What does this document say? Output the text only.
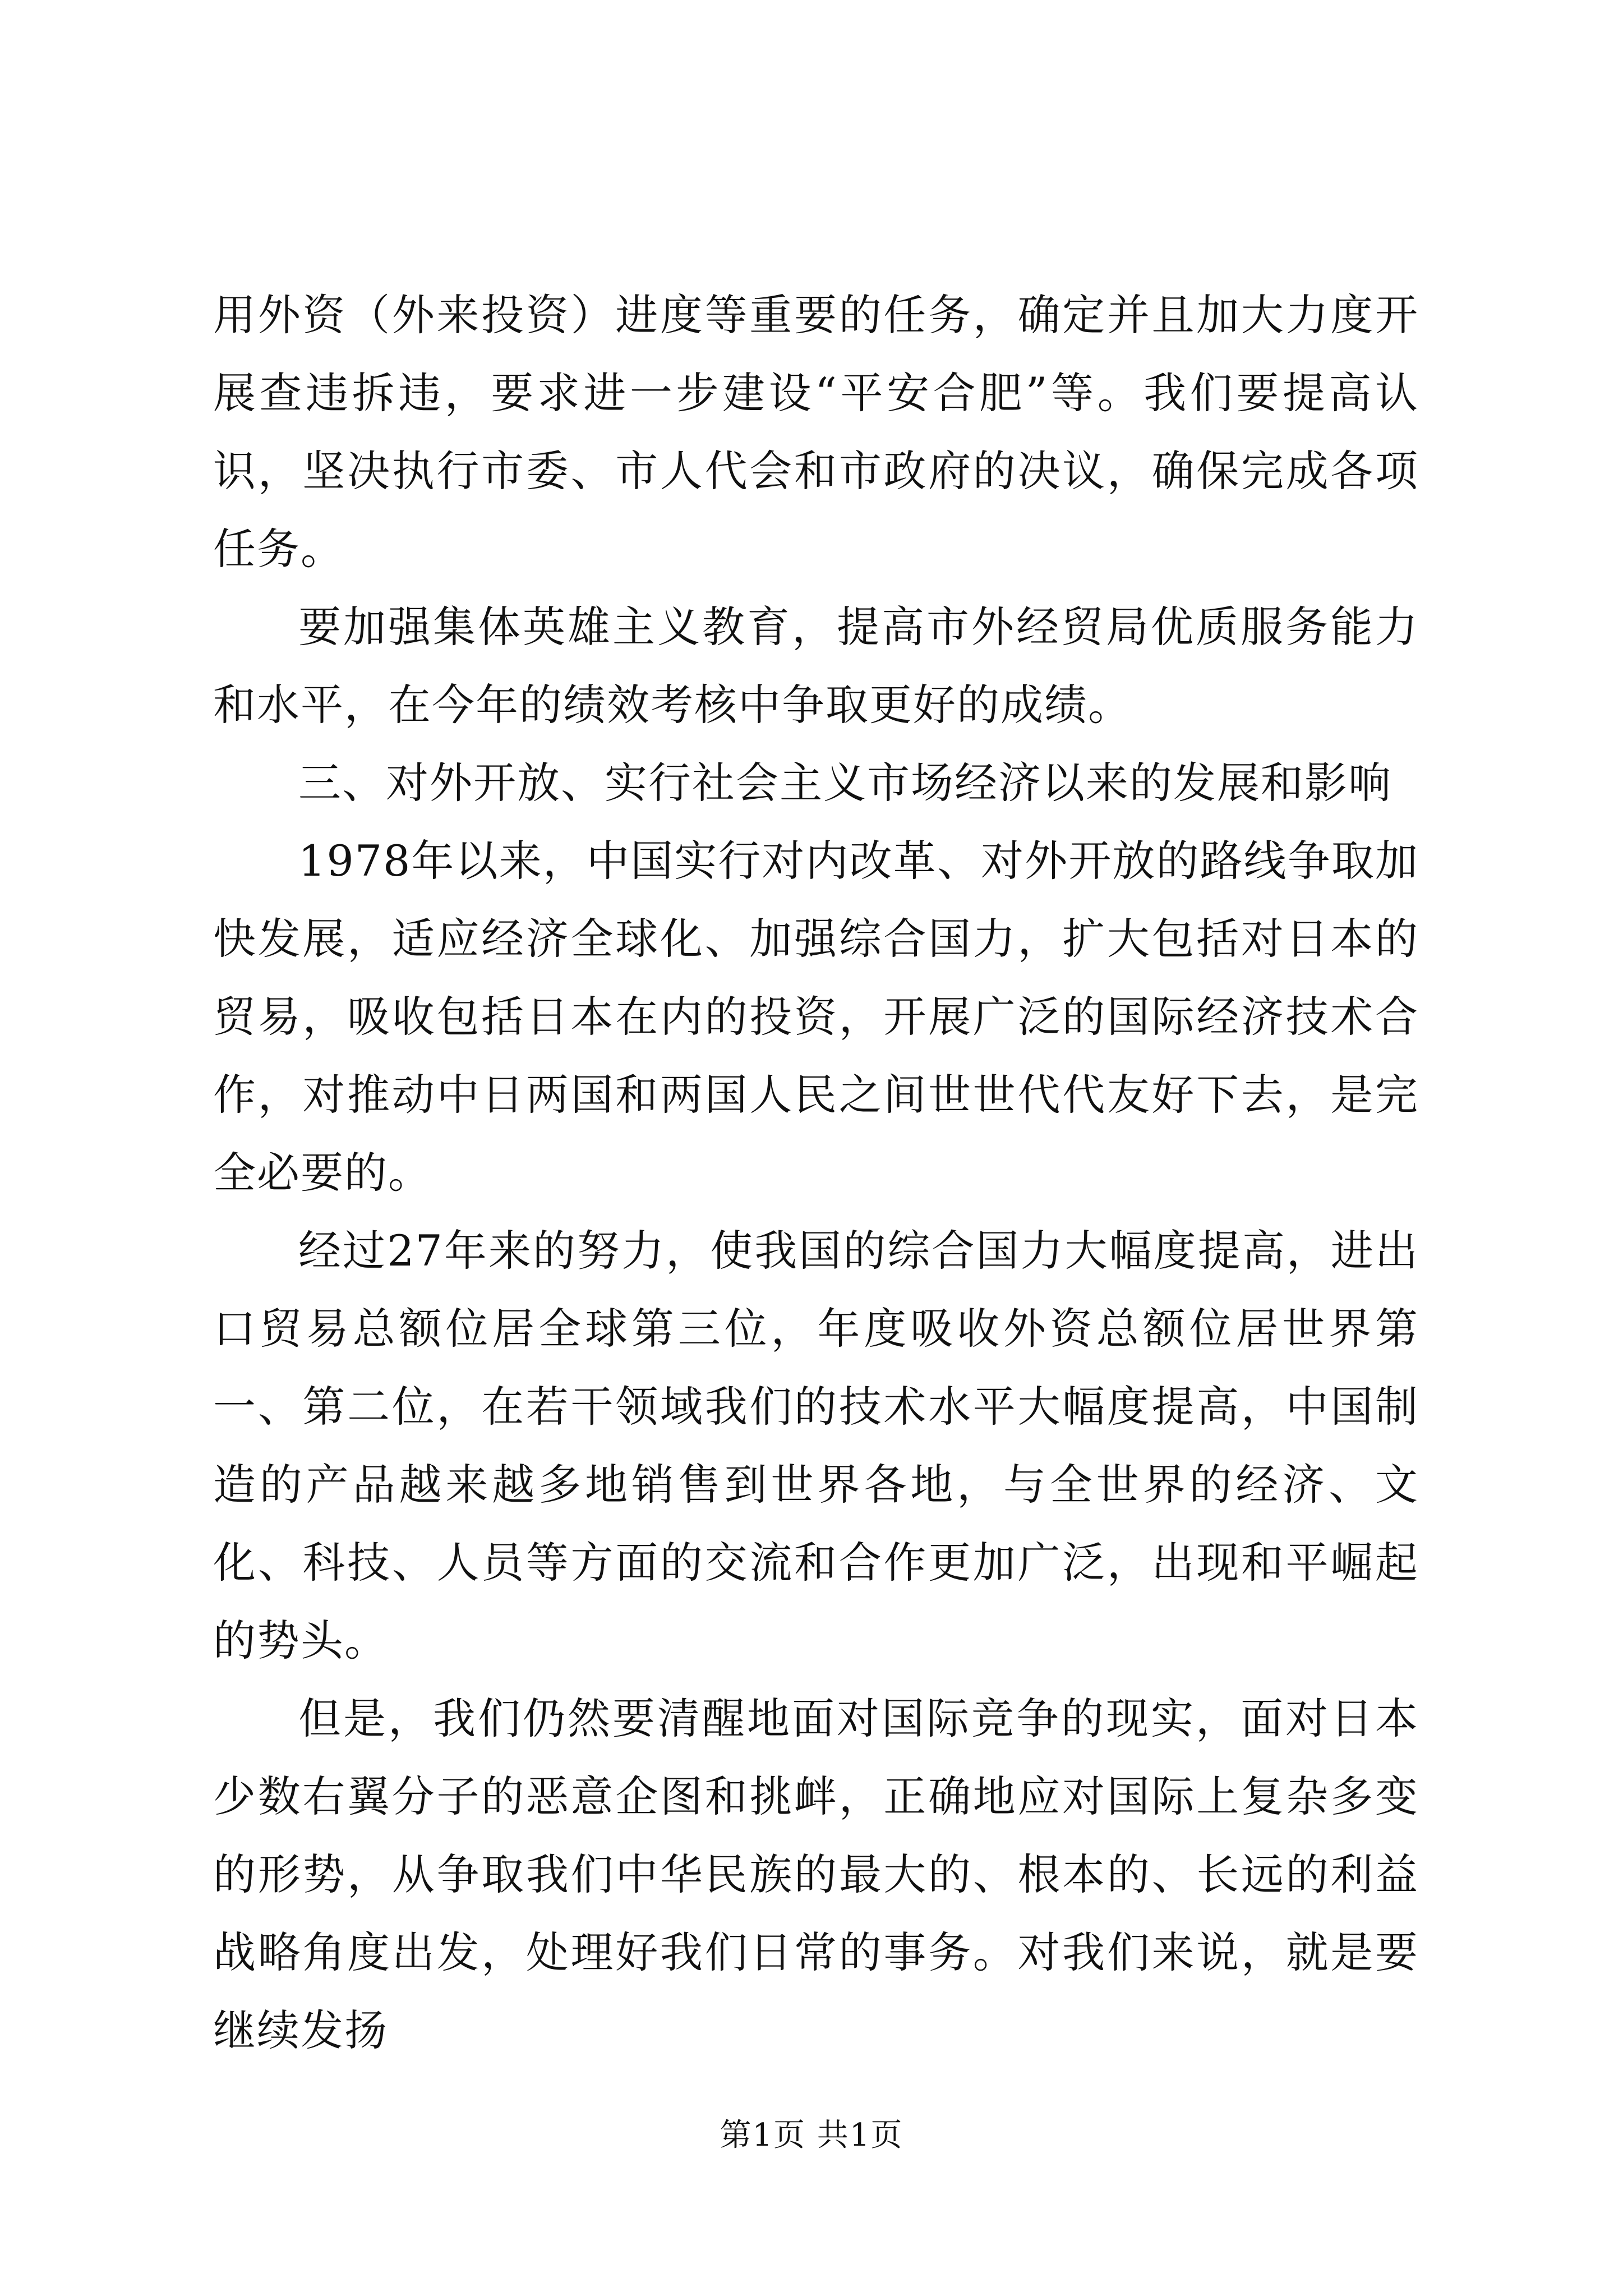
用外资（外来投资）进度等重要的任务，确定并且加大力度开展查违拆违，要求进一步建设“平安合肥”等。我们要提高认识，坚决执行市委、市人代会和市政府的决议，确保完成各项任务。

要加强集体英雄主义教育，提高市外经贸局优质服务能力和水平，在今年的绩效考核中争取更好的成绩。

三、对外开放、实行社会主义市场经济以来的发展和影响

1978年以来，中国实行对内改革、对外开放的路线争取加快发展，适应经济全球化、加强综合国力，扩大包括对日本的贸易，吸收包括日本在内的投资，开展广泛的国际经济技术合作，对推动中日两国和两国人民之间世世代代友好下去，是完全必要的。

经过27年来的努力，使我国的综合国力大幅度提高，进出口贸易总额位居全球第三位，年度吸收外资总额位居世界第一、第二位，在若干领域我们的技术水平大幅度提高，中国制造的产品越来越多地销售到世界各地，与全世界的经济、文化、科技、人员等方面的交流和合作更加广泛，出现和平崛起的势头。

但是，我们仍然要清醒地面对国际竞争的现实，面对日本少数右翼分子的恶意企图和挑衅，正确地应对国际上复杂多变的形势，从争取我们中华民族的最大的、根本的、长远的利益战略角度出发，处理好我们日常的事务。对我们来说，就是要继续发扬

第1页 共1页
